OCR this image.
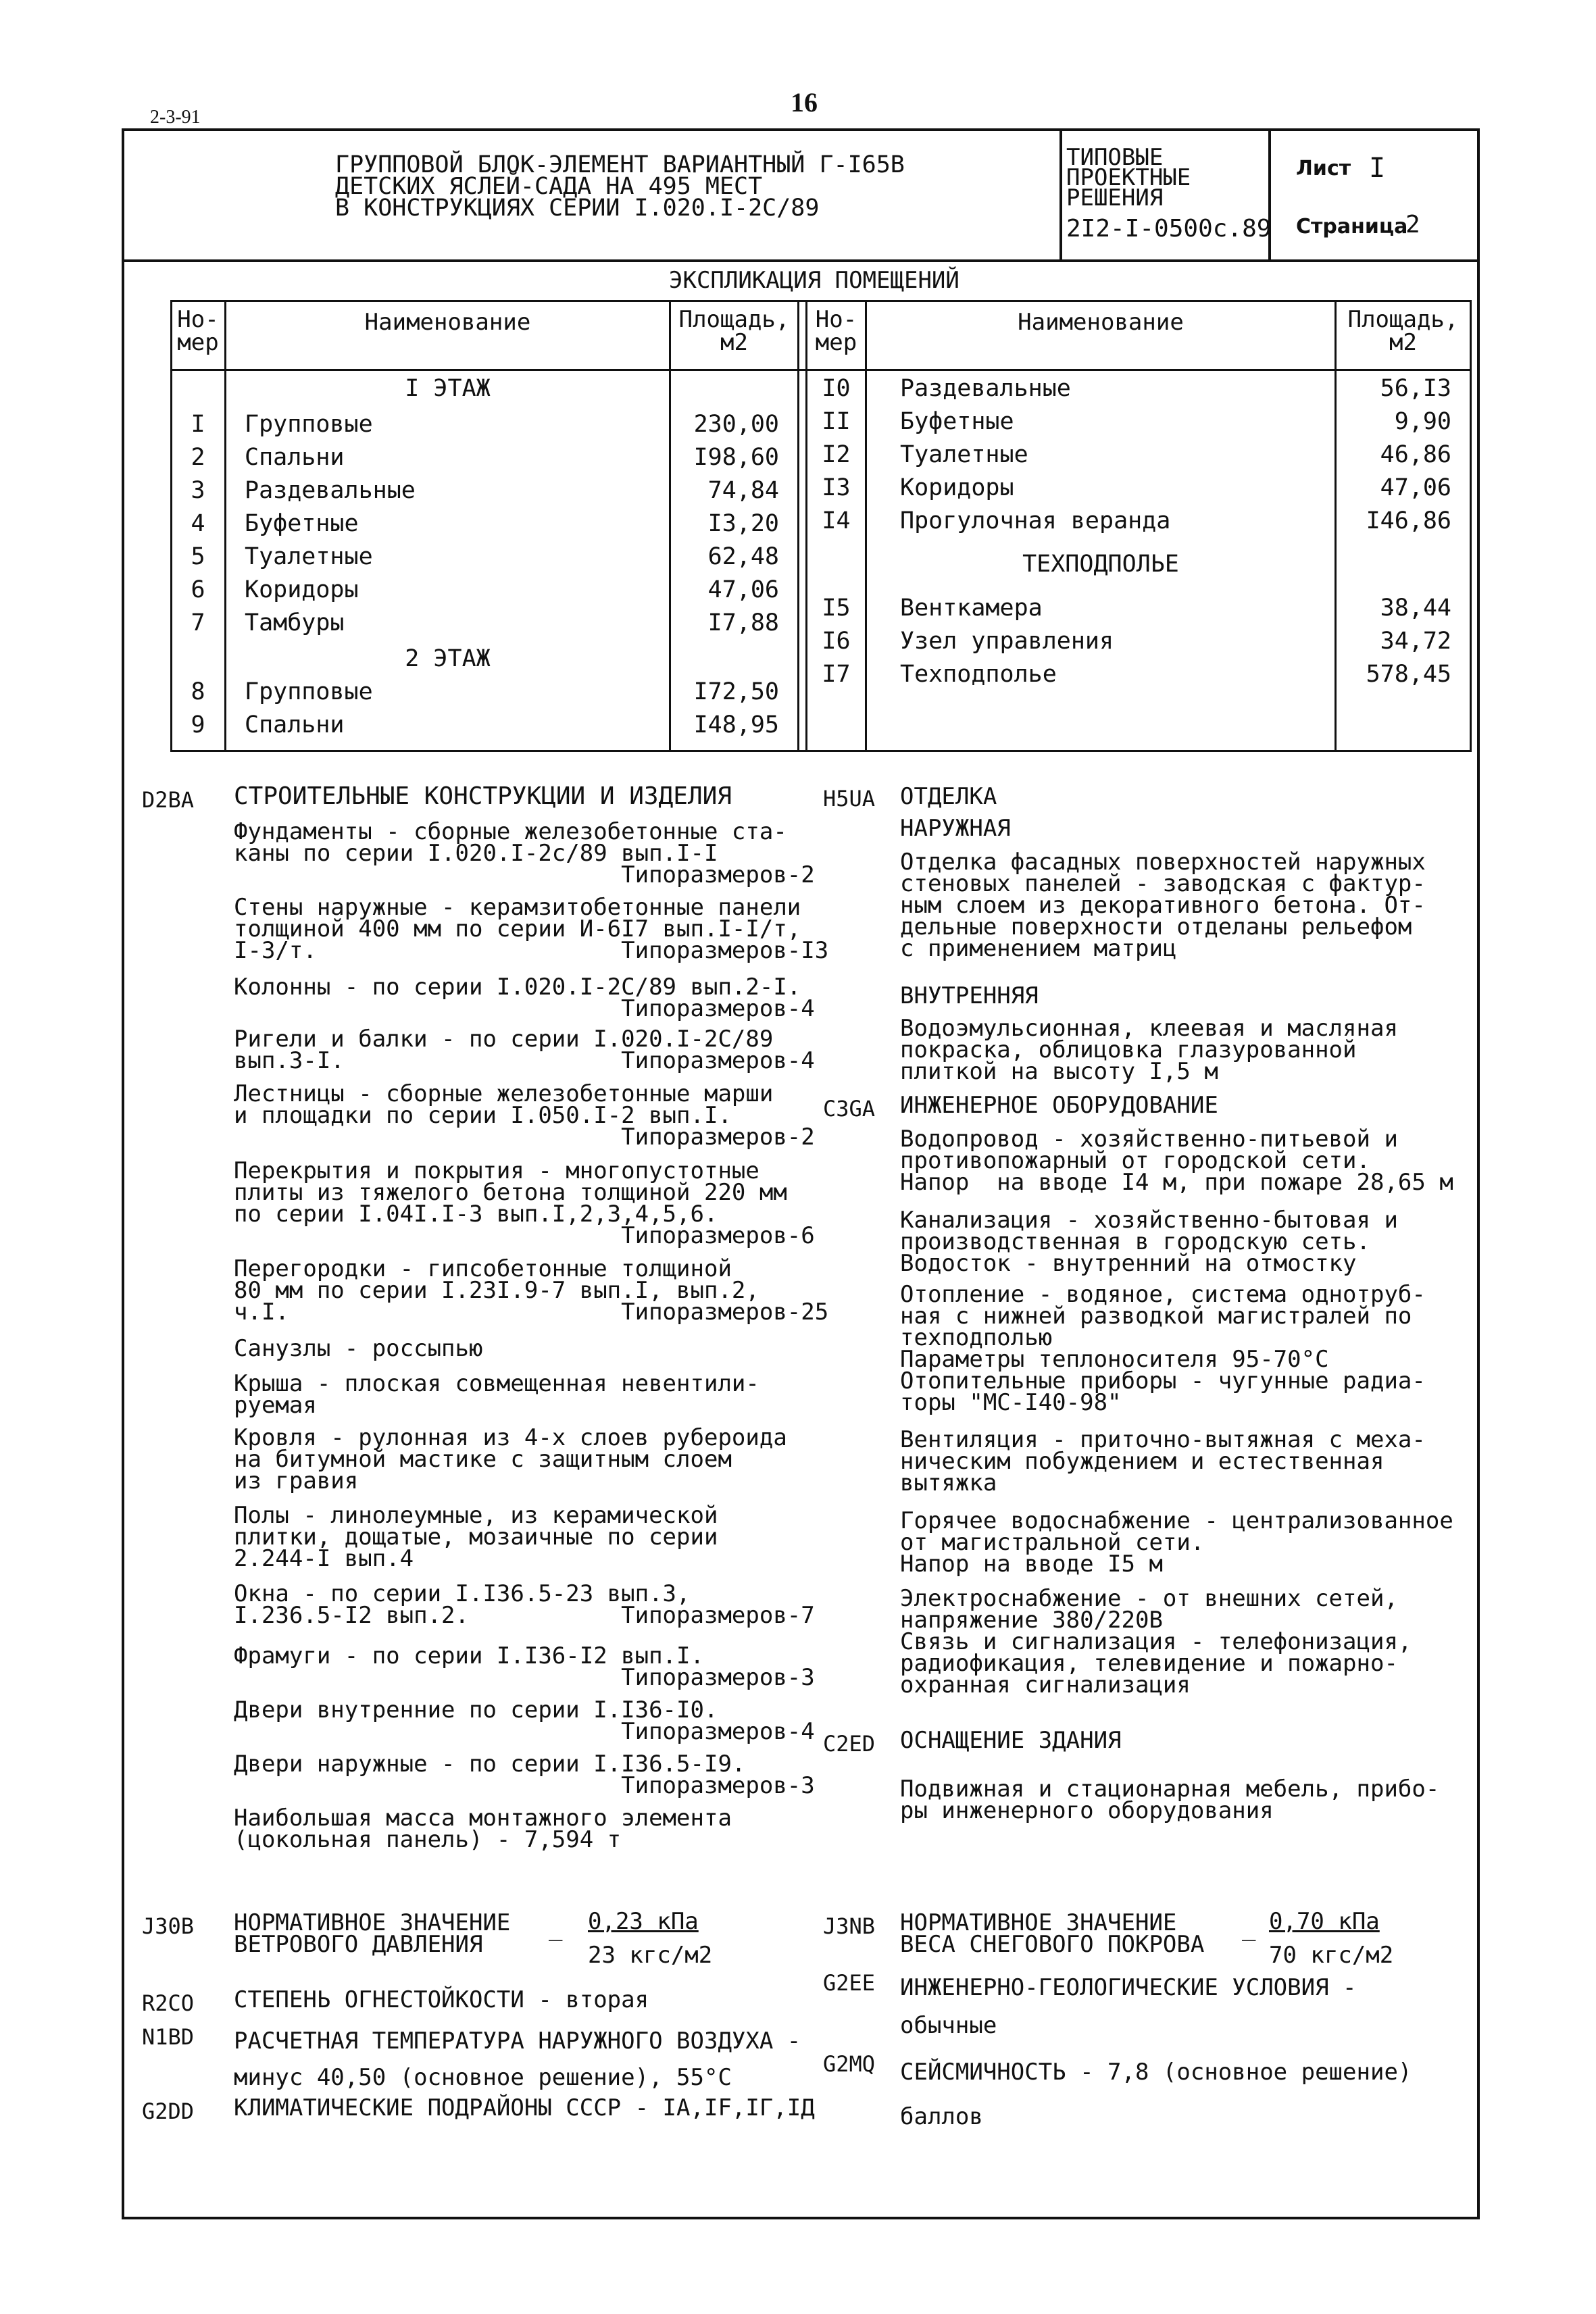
2-3-91	16
ГРУППОВОЙ БЛОК-ЭЛЕМЕНТ ВАРИАНТНЫЙ Г-I65В
ДЕТСКИХ ЯСЛЕЙ-САДА НА 495 МЕСТ
В КОНСТРУКЦИЯХ СЕРИИ I.020.I-2С/89
ТИПОВЫЕ
ПРОЕКТНЫЕ
РЕШЕНИЯ
2I2-I-0500с.89
Лист I
Страница
2
ЭКСПЛИКАЦИЯ ПОМЕЩЕНИЙ
Но-
мер
Наименование	Площадь,
м2
Но-
мер
Наименование	Площадь,
м2
I ЭТАЖ
I	Групповые	230,00
2	Спальни	I98,60
3	Раздевальные	74,84
4	Буфетные	I3,20
5	Туалетные	62,48
6	Коридоры	47,06
7	Тамбуры	I7,88
2 ЭТАЖ
8	Групповые	I72,50
9	Спальни	I48,95
I0	Раздевальные	56,I3
II	Буфетные	9,90
I2	Туалетные	46,86
I3	Коридоры	47,06
I4	Прогулочная веранда	I46,86
ТЕХПОДПОЛЬЕ
I5	Венткамера	38,44
I6	Узел управления	34,72
I7	Техподполье	578,45
D2BA СТРОИТЕЛЬНЫЕ КОНСТРУКЦИИ И ИЗДЕЛИЯ
Фундаменты - сборные железобетонные ста-
каны по серии I.020.I-2с/89 вып.I-I
Типоразмеров-2
Стены наружные - керамзитобетонные панели
толщиной 400 мм по серии И-6I7 вып.I-I/т,
I-3/т.                      Типоразмеров-I3
Колонны - по серии I.020.I-2С/89 вып.2-I.
Типоразмеров-4
Ригели и балки - по серии I.020.I-2С/89
вып.3-I.                    Типоразмеров-4
Лестницы - сборные железобетонные марши
и площадки по серии I.050.I-2 вып.I.
Типоразмеров-2
Перекрытия и покрытия - многопустотные
плиты из тяжелого бетона толщиной 220 мм
по серии I.04I.I-3 вып.I,2,3,4,5,6.
Типоразмеров-6
Перегородки - гипсобетонные толщиной
80 мм по серии I.23I.9-7 вып.I, вып.2,
ч.I.                        Типоразмеров-25
Санузлы - россыпью
Крыша - плоская совмещенная невентили-
руемая
Кровля - рулонная из 4-х слоев рубероида
на битумной мастике с защитным слоем
из гравия
Полы - линолеумные, из керамической
плитки, дощатые, мозаичные по серии
2.244-I вып.4
Окна - по серии I.I36.5-23 вып.3,
I.236.5-I2 вып.2.           Типоразмеров-7
Фрамуги - по серии I.I36-I2 вып.I.
Типоразмеров-3
Двери внутренние по серии I.I36-I0.
Типоразмеров-4
Двери наружные - по серии I.I36.5-I9.
Типоразмеров-3
Наибольшая масса монтажного элемента
(цокольная панель) - 7,594 т
H5UA ОТДЕЛКА
НАРУЖНАЯ
Отделка фасадных поверхностей наружных
стеновых панелей - заводская с фактур-
ным слоем из декоративного бетона. От-
дельные поверхности отделаны рельефом
с применением матриц
ВНУТРЕННЯЯ
Водоэмульсионная, клеевая и масляная
покраска, облицовка глазурованной
плиткой на высоту I,5 м
C3GA ИНЖЕНЕРНОЕ ОБОРУДОВАНИЕ
Водопровод - хозяйственно-питьевой и
противопожарный от городской сети.
Напор  на вводе I4 м, при пожаре 28,65 м
Канализация - хозяйственно-бытовая и
производственная в городскую сеть.
Водосток - внутренний на отмостку
Отопление - водяное, система однотруб-
ная с нижней разводкой магистралей по
техподполью
Параметры теплоносителя 95-70°С
Отопительные приборы - чугунные радиа-
торы "МС-I40-98"
Вентиляция - приточно-вытяжная с меха-
ническим побуждением и естественная
вытяжка
Горячее водоснабжение - централизованное
от магистральной сети.
Напор на вводе I5 м
Электроснабжение - от внешних сетей,
напряжение 380/220В
Связь и сигнализация - телефонизация,
радиофикация, телевидение и пожарно-
охранная сигнализация
C2ED ОСНАЩЕНИЕ ЗДАНИЯ
Подвижная и стационарная мебель, прибо-
ры инженерного оборудования
J30B НОРМАТИВНОЕ ЗНАЧЕНИЕ
ВЕТРОВОГО ДАВЛЕНИЯ
_ 0,23 кПа
23 кгс/м2
J3NB НОРМАТИВНОЕ ЗНАЧЕНИЕ
ВЕСА СНЕГОВОГО ПОКРОВА
_ 0,70 кПа
70 кгс/м2
R2CO СТЕПЕНЬ ОГНЕСТОЙКОСТИ - вторая
G2EE ИНЖЕНЕРНО-ГЕОЛОГИЧЕСКИЕ УСЛОВИЯ -
обычные
N1BD РАСЧЕТНАЯ ТЕМПЕРАТУРА НАРУЖНОГО ВОЗДУХА -
минус 40,50 (основное решение), 55°С	G2MQ СЕЙСМИЧНОСТЬ - 7,8 (основное решение)
баллов
G2DD КЛИМАТИЧЕСКИЕ ПОДРАЙОНЫ СССР - IA,IF,IГ,IД
